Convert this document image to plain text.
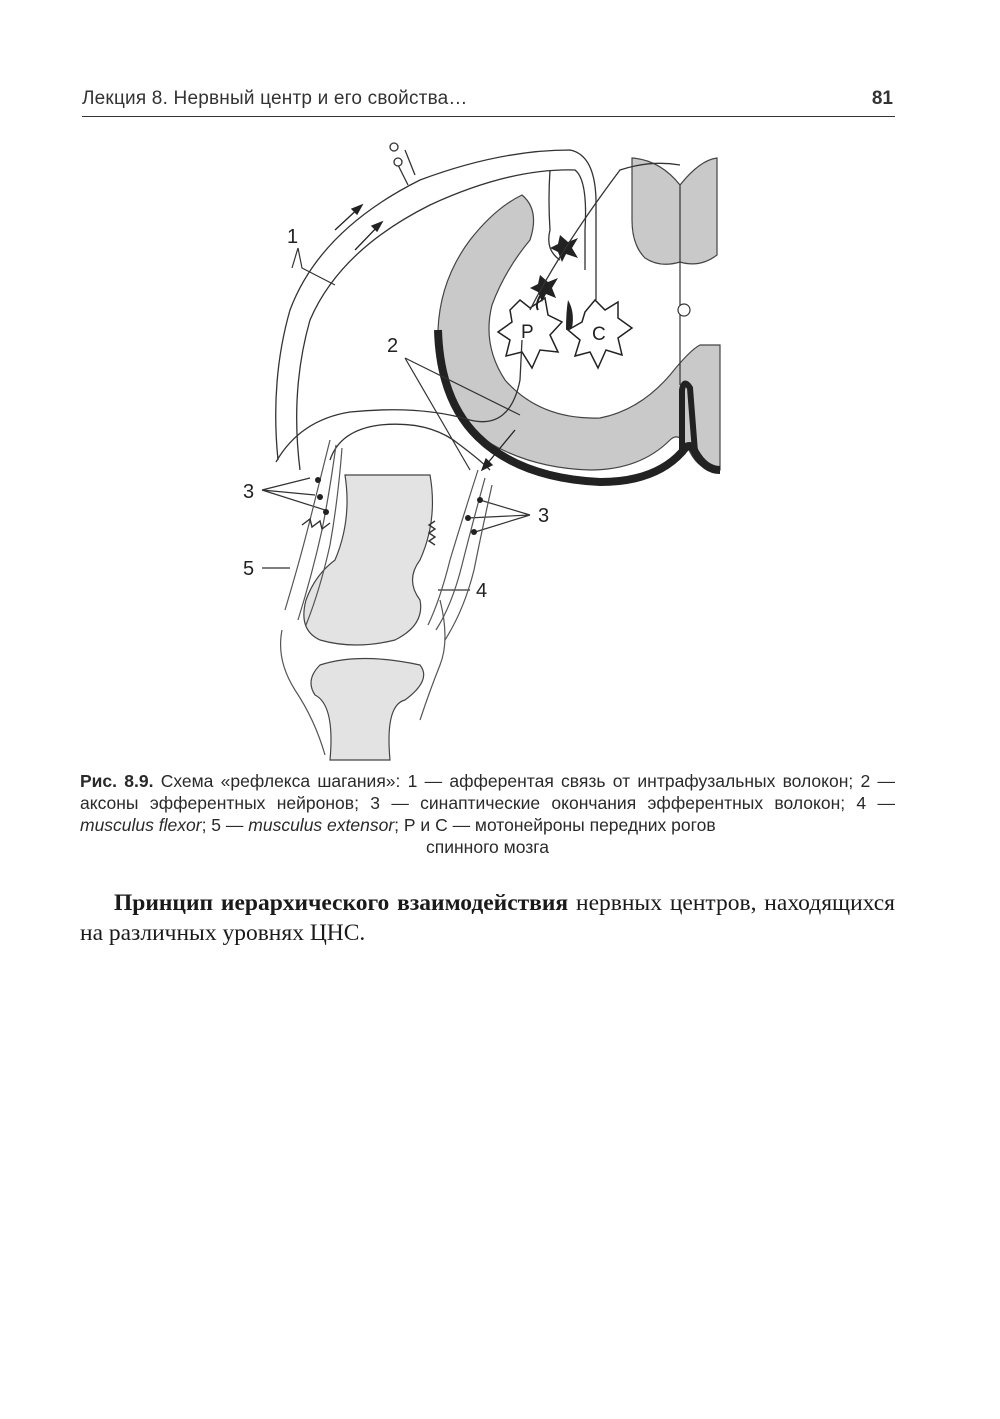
Лекция 8. Нервный центр и его свойства…	81
Р	С
1
2
3
3
4
5
Рис. 8.9. Схема «рефлекса шагания»: 1 — афферентая связь от интрафузальных волокон; 2 — аксоны эфферентных нейронов; 3 — синаптические окончания эфферентных волокон; 4 — musculus flexor; 5 — musculus extensor; Р и С — мотонейроны передних рогов
спинного мозга
Принцип иерархического взаимодействия нервных центров, находящихся на различных уровнях ЦНС.
